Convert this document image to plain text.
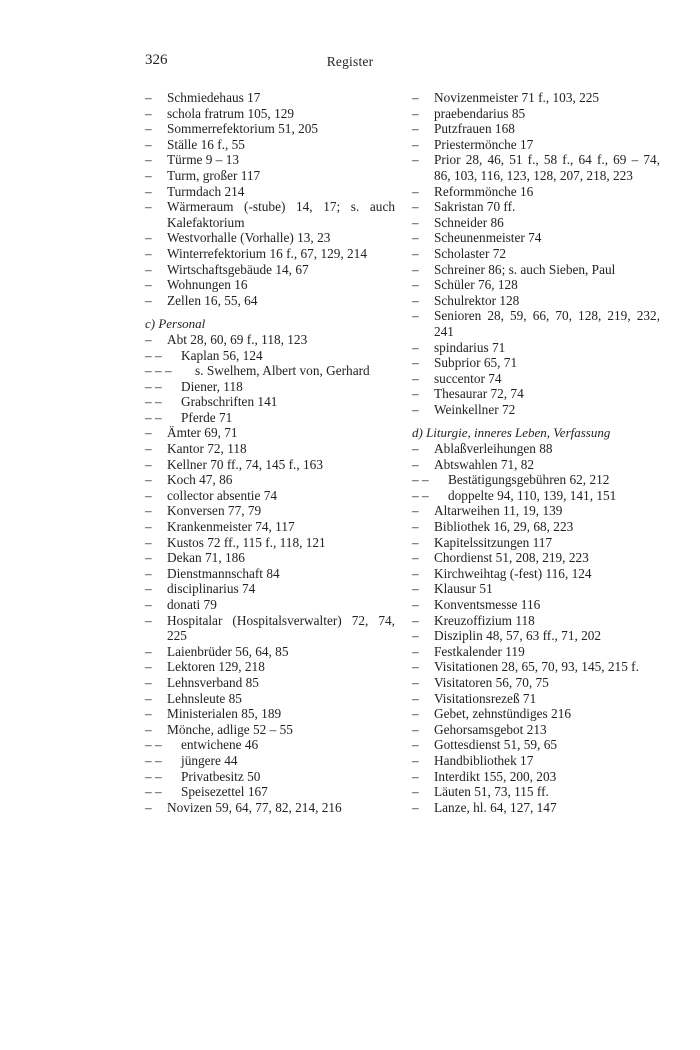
326	Register
– Schmiedehaus 17
– schola fratrum 105, 129
– Sommerrefektorium 51, 205
– Ställe 16 f., 55
– Türme 9 – 13
– Turm, großer 117
– Turmdach 214
– Wärmeraum (-stube) 14, 17; s. auch Kalefaktorium
– Westvorhalle (Vorhalle) 13, 23
– Winterrefektorium 16 f., 67, 129, 214
– Wirtschaftsgebäude 14, 67
– Wohnungen 16
– Zellen 16, 55, 64
c) Personal
– Abt 28, 60, 69 f., 118, 123
– – Kaplan 56, 124
– – – s. Swelhem, Albert von, Gerhard
– – Diener, 118
– – Grabschriften 141
– – Pferde 71
– Ämter 69, 71
– Kantor 72, 118
– Kellner 70 ff., 74, 145 f., 163
– Koch 47, 86
– collector absentie 74
– Konversen 77, 79
– Krankenmeister 74, 117
– Kustos 72 ff., 115 f., 118, 121
– Dekan 71, 186
– Dienstmannschaft 84
– disciplinarius 74
– donati 79
– Hospitalar (Hospitalsverwalter) 72, 74, 225
– Laienbrüder 56, 64, 85
– Lektoren 129, 218
– Lehnsverband 85
– Lehnsleute 85
– Ministerialen 85, 189
– Mönche, adlige 52 – 55
– – entwichene 46
– – jüngere 44
– – Privatbesitz 50
– – Speisezettel 167
– Novizen 59, 64, 77, 82, 214, 216
– Novizenmeister 71 f., 103, 225
– praebendarius 85
– Putzfrauen 168
– Priestermönche 17
– Prior 28, 46, 51 f., 58 f., 64 f., 69 – 74, 86, 103, 116, 123, 128, 207, 218, 223
– Reformmönche 16
– Sakristan 70 ff.
– Schneider 86
– Scheunenmeister 74
– Scholaster 72
– Schreiner 86; s. auch Sieben, Paul
– Schüler 76, 128
– Schulrektor 128
– Senioren 28, 59, 66, 70, 128, 219, 232, 241
– spindarius 71
– Subprior 65, 71
– succentor 74
– Thesaurar 72, 74
– Weinkellner 72
d) Liturgie, inneres Leben, Verfassung
– Ablaßverleihungen 88
– Abtswahlen 71, 82
– – Bestätigungsgebühren 62, 212
– – doppelte 94, 110, 139, 141, 151
– Altarweihen 11, 19, 139
– Bibliothek 16, 29, 68, 223
– Kapitelssitzungen 117
– Chordienst 51, 208, 219, 223
– Kirchweihtag (-fest) 116, 124
– Klausur 51
– Konventsmesse 116
– Kreuzoffizium 118
– Disziplin 48, 57, 63 ff., 71, 202
– Festkalender 119
– Visitationen 28, 65, 70, 93, 145, 215 f.
– Visitatoren 56, 70, 75
– Visitationsrezeß 71
– Gebet, zehnstündiges 216
– Gehorsamsgebot 213
– Gottesdienst 51, 59, 65
– Handbibliothek 17
– Interdikt 155, 200, 203
– Läuten 51, 73, 115 ff.
– Lanze, hl. 64, 127, 147
